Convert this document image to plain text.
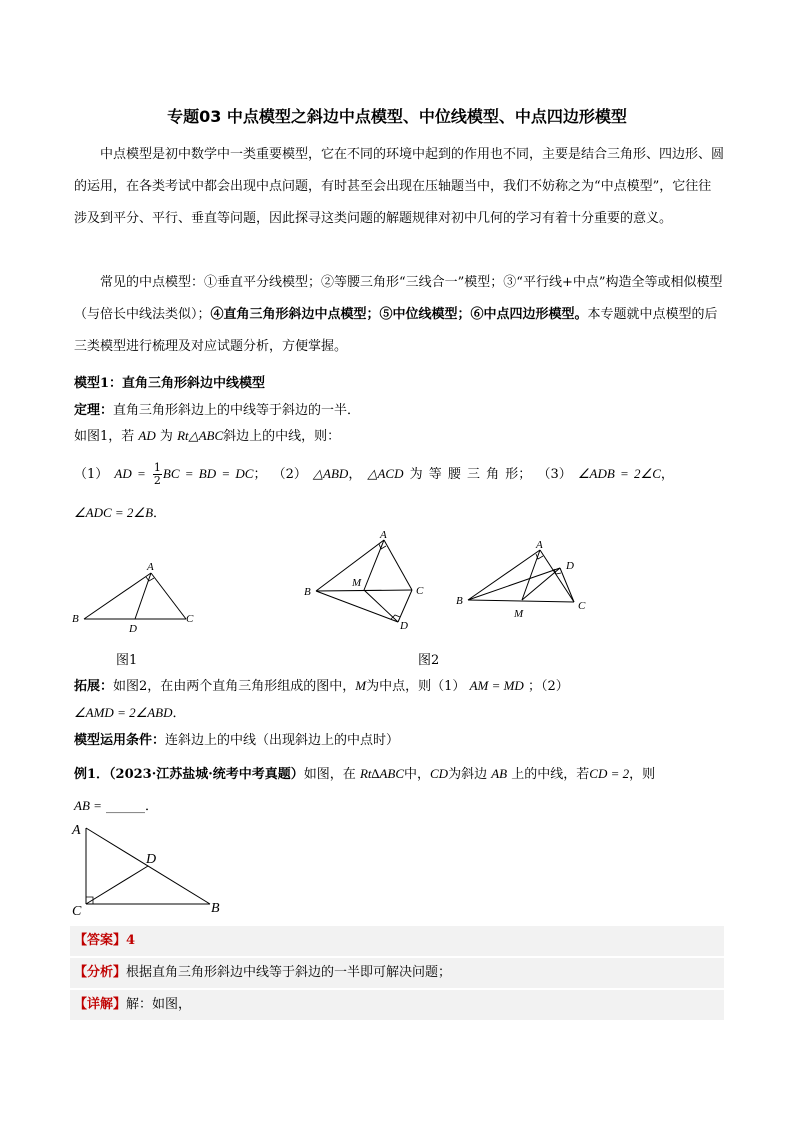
专题03 中点模型之斜边中点模型、中位线模型、中点四边形模型
中点模型是初中数学中一类重要模型，它在不同的环境中起到的作用也不同，主要是结合三角形、四边形、圆的运用，在各类考试中都会出现中点问题，有时甚至会出现在压轴题当中，我们不妨称之为“中点模型”，它往往涉及到平分、平行、垂直等问题，因此探寻这类问题的解题规律对初中几何的学习有着十分重要的意义。
常见的中点模型：①垂直平分线模型；②等腰三角形“三线合一”模型；③“平行线+中点”构造全等或相似模型（与倍长中线法类似）；④直角三角形斜边中点模型；⑤中位线模型；⑥中点四边形模型。本专题就中点模型的后三类模型进行梳理及对应试题分析，方便掌握。
模型1：直角三角形斜边中线模型
定理：直角三角形斜边上的中线等于斜边的一半．
如图1，若 AD 为 Rt△ABC斜边上的中线，则：
（1） AD = $\frac{1}{2}$ BC = BD = DC； （2） △ABD， △ACD 为 等 腰 三 角 形； （3） ∠ADB = 2∠C，
∠ADC = 2∠B．
A
B	C
D
A
B	C
D
M
A
B	C
D
M
图1	图2
拓展：如图2，在由两个直角三角形组成的图中，M为中点，则（1） AM = MD ；（2）
∠AMD = 2∠ABD．
模型运用条件：连斜边上的中线（出现斜边上的中点时）
例1．（2023·江苏盐城·统考中考真题）如图，在 Rt∆ABC中，CD为斜边 AB 上的中线，若CD = 2，则
AB = ______．
A
C	B
D
【答案】4
【分析】根据直角三角形斜边中线等于斜边的一半即可解决问题；
【详解】解：如图，
